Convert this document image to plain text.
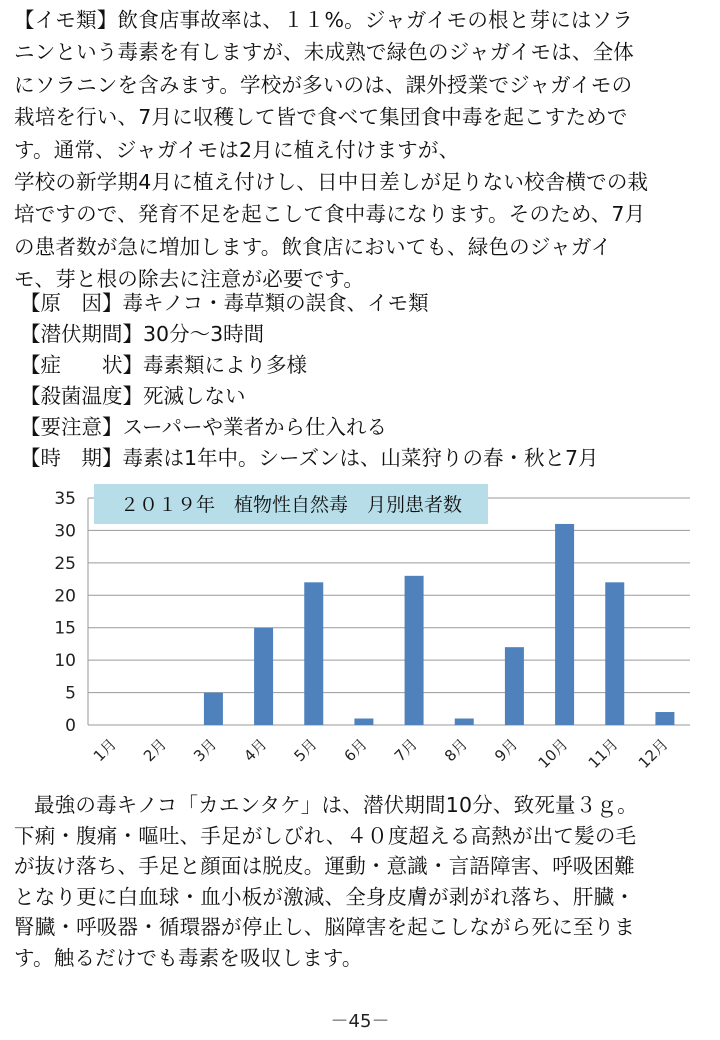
【イモ類】飲食店事故率は、１１%。ジャガイモの根と芽にはソラ
ニンという毒素を有しますが、未成熟で緑色のジャガイモは、全体
にソラニンを含みます。学校が多いのは、課外授業でジャガイモの
栽培を行い、7月に収穫して皆で食べて集団食中毒を起こすためで
す。通常、ジャガイモは2月に植え付けますが、
学校の新学期4月に植え付けし、日中日差しが足りない校舎横での栽
培ですので、発育不足を起こして食中毒になります。そのため、7月
の患者数が急に増加します。飲食店においても、緑色のジャガイ
モ、芽と根の除去に注意が必要です。
【原　因】毒キノコ・毒草類の誤食、イモ類
【潜伏期間】30分～3時間
【症　　状】毒素類により多様
【殺菌温度】死滅しない
【要注意】スーパーや業者から仕入れる
【時　期】毒素は1年中。シーズンは、山菜狩りの春・秋と7月
0
5
10
15
20
25
30
35
1月 2月 3月 4月 5月 6月 7月 8月 9月 10月 11月 12月
２０１９年　植物性自然毒　月別患者数
最強の毒キノコ「カエンタケ」は、潜伏期間10分、致死量３ｇ。
下痢・腹痛・嘔吐、手足がしびれ、４０度超える高熱が出て髪の毛
が抜け落ち、手足と顔面は脱皮。運動・意識・言語障害、呼吸困難
となり更に白血球・血小板が激減、全身皮膚が剥がれ落ち、肝臓・
腎臓・呼吸器・循環器が停止し、脳障害を起こしながら死に至りま
す。触るだけでも毒素を吸収します。
－45－
